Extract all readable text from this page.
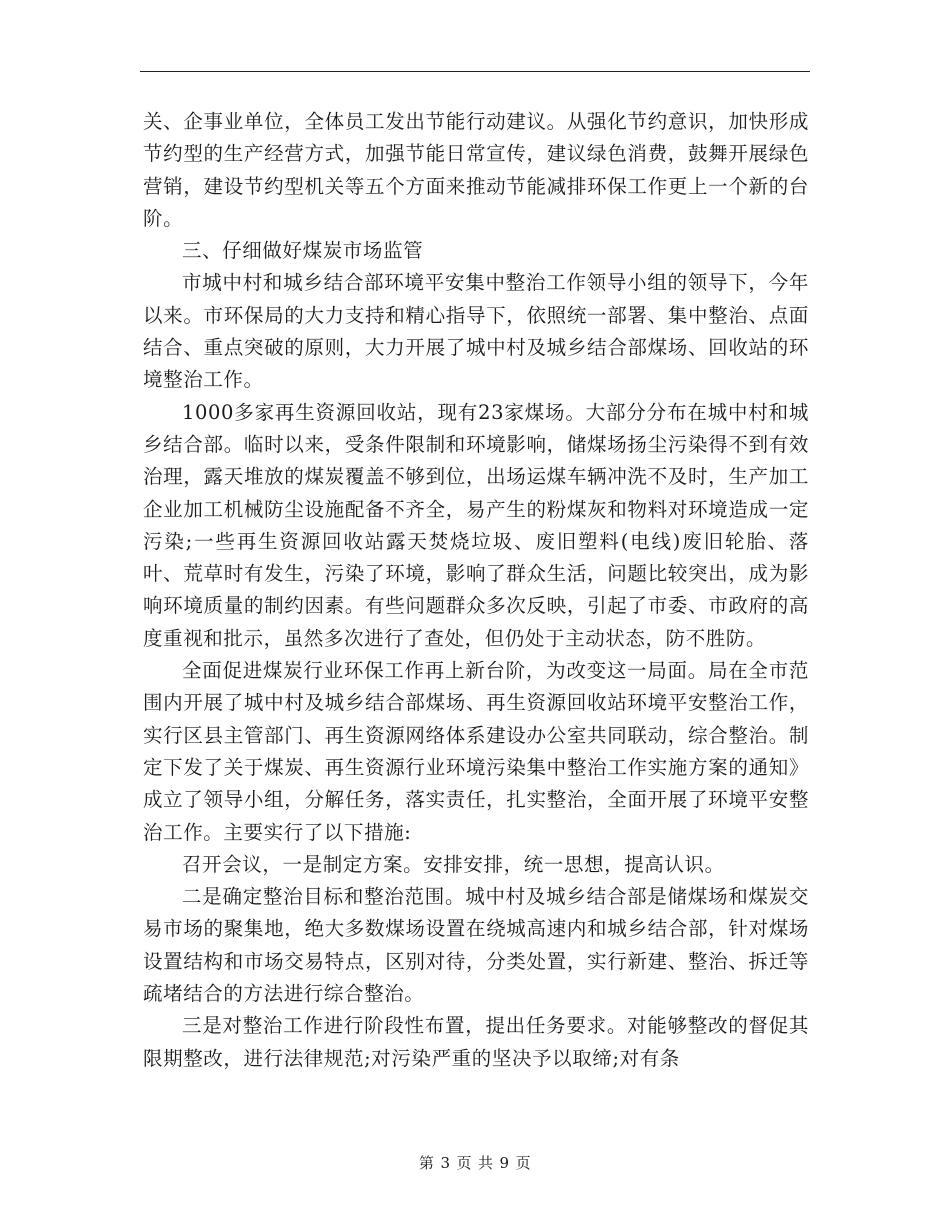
关、企事业单位，全体员工发出节能行动建议。从强化节约意识，加快形成节约型的生产经营方式，加强节能日常宣传，建议绿色消费，鼓舞开展绿色营销，建设节约型机关等五个方面来推动节能减排环保工作更上一个新的台阶。

三、仔细做好煤炭市场监管

市城中村和城乡结合部环境平安集中整治工作领导小组的领导下，今年以来。市环保局的大力支持和精心指导下，依照统一部署、集中整治、点面结合、重点突破的原则，大力开展了城中村及城乡结合部煤场、回收站的环境整治工作。

1000多家再生资源回收站，现有23家煤场。大部分分布在城中村和城乡结合部。临时以来，受条件限制和环境影响，储煤场扬尘污染得不到有效治理，露天堆放的煤炭覆盖不够到位，出场运煤车辆冲洗不及时，生产加工企业加工机械防尘设施配备不齐全，易产生的粉煤灰和物料对环境造成一定污染;一些再生资源回收站露天焚烧垃圾、废旧塑料(电线)废旧轮胎、落叶、荒草时有发生，污染了环境，影响了群众生活，问题比较突出，成为影响环境质量的制约因素。有些问题群众多次反映，引起了市委、市政府的高度重视和批示，虽然多次进行了查处，但仍处于主动状态，防不胜防。

全面促进煤炭行业环保工作再上新台阶，为改变这一局面。局在全市范围内开展了城中村及城乡结合部煤场、再生资源回收站环境平安整治工作，实行区县主管部门、再生资源网络体系建设办公室共同联动，综合整治。制定下发了关于煤炭、再生资源行业环境污染集中整治工作实施方案的通知》成立了领导小组，分解任务，落实责任，扎实整治，全面开展了环境平安整治工作。主要实行了以下措施:

召开会议，一是制定方案。安排安排，统一思想，提高认识。

二是确定整治目标和整治范围。城中村及城乡结合部是储煤场和煤炭交易市场的聚集地，绝大多数煤场设置在绕城高速内和城乡结合部，针对煤场设置结构和市场交易特点，区别对待，分类处置，实行新建、整治、拆迁等疏堵结合的方法进行综合整治。

三是对整治工作进行阶段性布置，提出任务要求。对能够整改的督促其限期整改，进行法律规范;对污染严重的坚决予以取缔;对有条

第 3 页 共 9 页
